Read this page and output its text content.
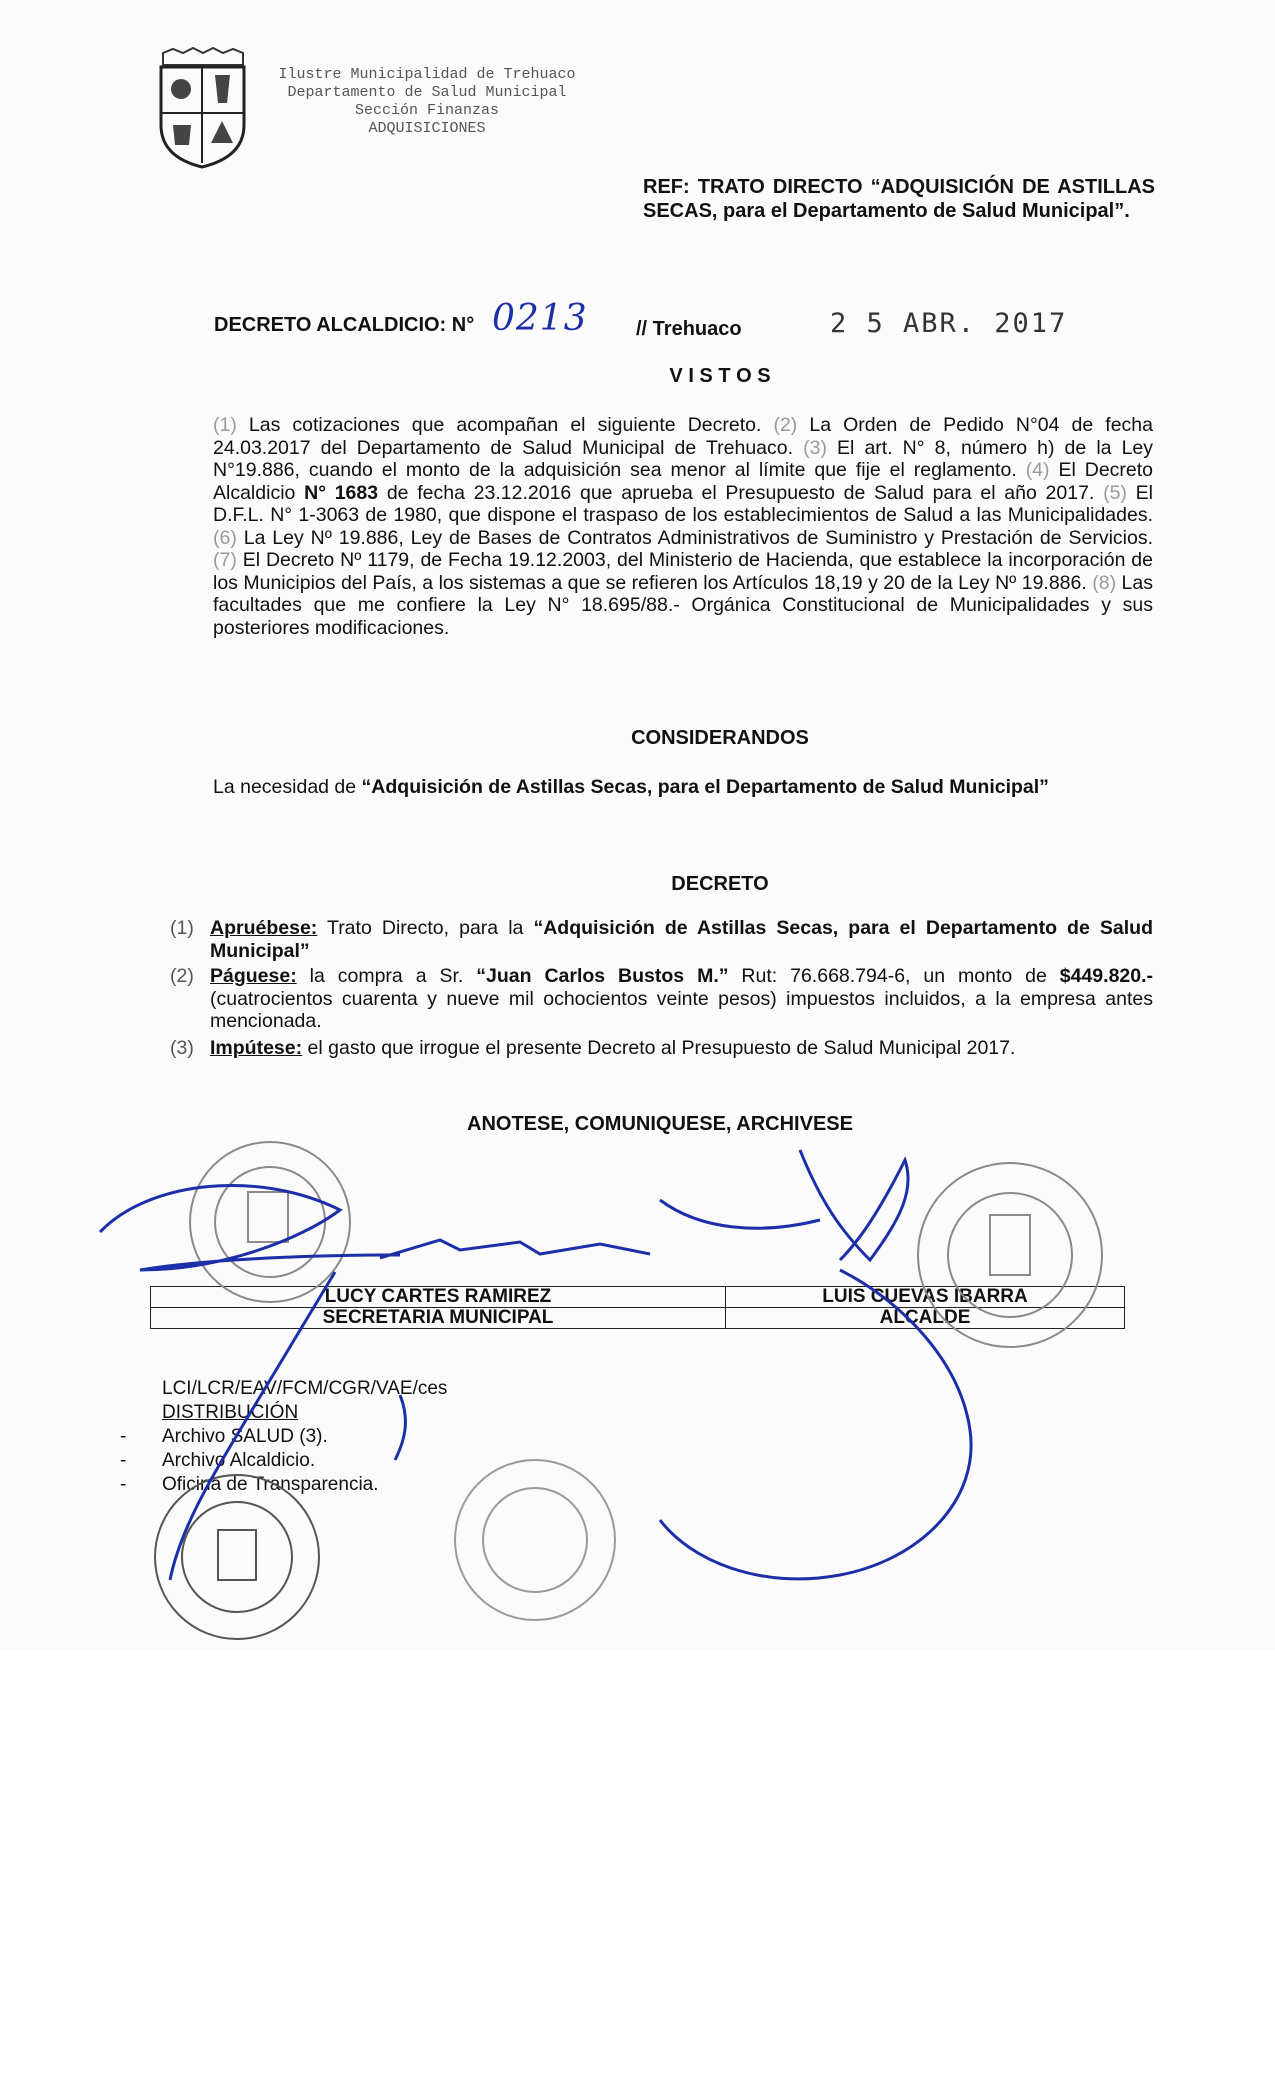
Ilustre Municipalidad de Trehuaco
Departamento de Salud Municipal
Sección Finanzas
ADQUISICIONES
REF: TRATO DIRECTO “ADQUISICIÓN DE ASTILLAS SECAS, para el Departamento de Salud Municipal”.
DECRETO ALCALDICIO: N° 0213 // Trehuaco	2 5 ABR. 2017
V I S T O S
(1) Las cotizaciones que acompañan el siguiente Decreto. (2) La Orden de Pedido N°04 de fecha 24.03.2017 del Departamento de Salud Municipal de Trehuaco. (3) El art. N° 8, número h) de la Ley N°19.886, cuando el monto de la adquisición sea menor al límite que fije el reglamento. (4) El Decreto Alcaldicio N° 1683 de fecha 23.12.2016 que aprueba el Presupuesto de Salud para el año 2017. (5) El D.F.L. N° 1-3063 de 1980, que dispone el traspaso de los establecimientos de Salud a las Municipalidades. (6) La Ley Nº 19.886, Ley de Bases de Contratos Administrativos de Suministro y Prestación de Servicios. (7) El Decreto Nº 1179, de Fecha 19.12.2003, del Ministerio de Hacienda, que establece la incorporación de los Municipios del País, a los sistemas a que se refieren los Artículos 18,19 y 20 de la Ley Nº 19.886. (8) Las facultades que me confiere la Ley N° 18.695/88.- Orgánica Constitucional de Municipalidades y sus posteriores modificaciones.
CONSIDERANDOS
La necesidad de “Adquisición de Astillas Secas, para el Departamento de Salud Municipal”
DECRETO
(1) Apruébese: Trato Directo, para la “Adquisición de Astillas Secas, para el Departamento de Salud Municipal”
(2) Páguese: la compra a Sr. “Juan Carlos Bustos M.” Rut: 76.668.794-6, un monto de $449.820.- (cuatrocientos cuarenta y nueve mil ochocientos veinte pesos) impuestos incluidos, a la empresa antes mencionada.
(3) Impútese: el gasto que irrogue el presente Decreto al Presupuesto de Salud Municipal 2017.
ANOTESE, COMUNIQUESE, ARCHIVESE
LUCY CARTES RAMIREZ	LUIS CUEVAS IBARRA
SECRETARIA MUNICIPAL	ALCALDE
LCI/LCR/EAV/FCM/CGR/VAE/ces
DISTRIBUCIÓN
- Archivo SALUD (3).
- Archivo Alcaldicio.
- Oficina de Transparencia.
